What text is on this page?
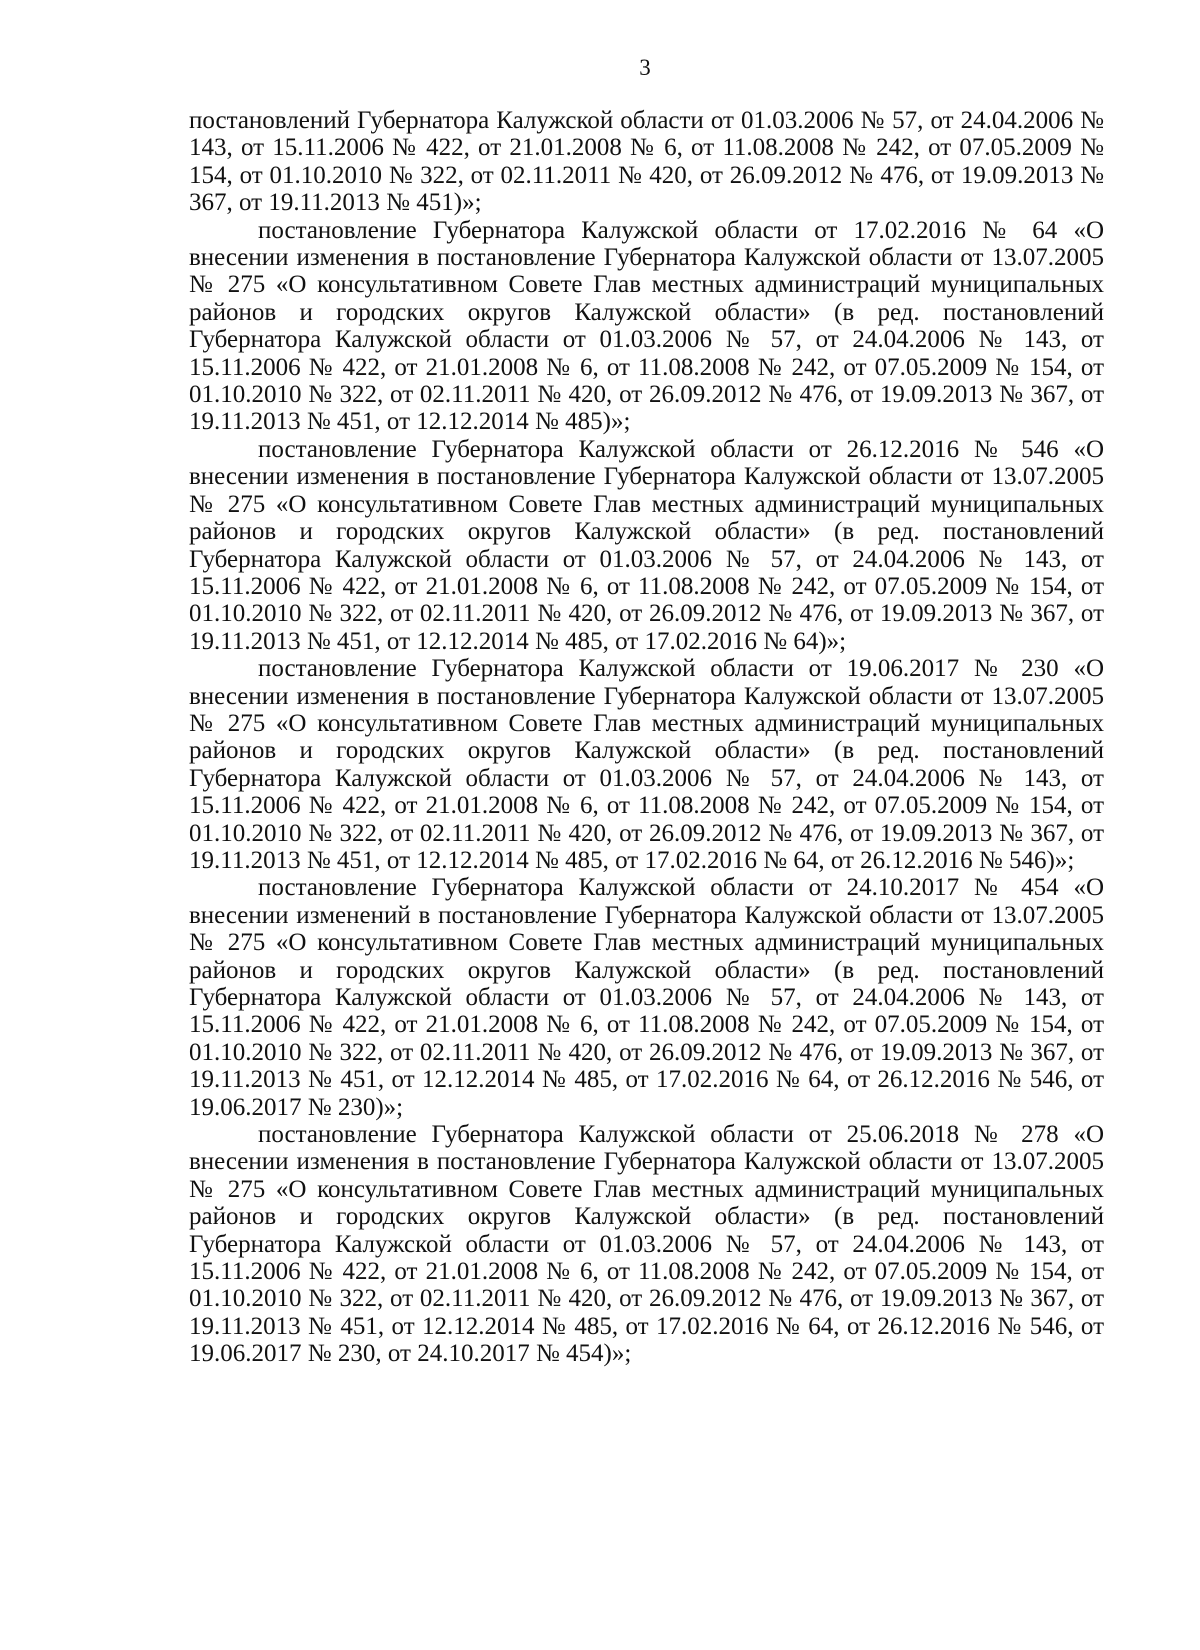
3

постановлений Губернатора Калужской области от 01.03.2006 № 57, от 24.04.2006 № 143, от 15.11.2006 № 422, от 21.01.2008 № 6, от 11.08.2008 № 242, от 07.05.2009 № 154, от 01.10.2010 № 322, от 02.11.2011 № 420, от 26.09.2012 № 476, от 19.09.2013 № 367, от 19.11.2013 № 451)»;

постановление Губернатора Калужской области от 17.02.2016 № 64 «О внесении изменения в постановление Губернатора Калужской области от 13.07.2005 № 275 «О консультативном Совете Глав местных администраций муниципальных районов и городских округов Калужской области» (в ред. постановлений Губернатора Калужской области от 01.03.2006 № 57, от 24.04.2006 № 143, от 15.11.2006 № 422, от 21.01.2008 № 6, от 11.08.2008 № 242, от 07.05.2009 № 154, от 01.10.2010 № 322, от 02.11.2011 № 420, от 26.09.2012 № 476, от 19.09.2013 № 367, от 19.11.2013 № 451, от 12.12.2014 № 485)»;

постановление Губернатора Калужской области от 26.12.2016 № 546 «О внесении изменения в постановление Губернатора Калужской области от 13.07.2005 № 275 «О консультативном Совете Глав местных администраций муниципальных районов и городских округов Калужской области» (в ред. постановлений Губернатора Калужской области от 01.03.2006 № 57, от 24.04.2006 № 143, от 15.11.2006 № 422, от 21.01.2008 № 6, от 11.08.2008 № 242, от 07.05.2009 № 154, от 01.10.2010 № 322, от 02.11.2011 № 420, от 26.09.2012 № 476, от 19.09.2013 № 367, от 19.11.2013 № 451, от 12.12.2014 № 485, от 17.02.2016 № 64)»;

постановление Губернатора Калужской области от 19.06.2017 № 230 «О внесении изменения в постановление Губернатора Калужской области от 13.07.2005 № 275 «О консультативном Совете Глав местных администраций муниципальных районов и городских округов Калужской области» (в ред. постановлений Губернатора Калужской области от 01.03.2006 № 57, от 24.04.2006 № 143, от 15.11.2006 № 422, от 21.01.2008 № 6, от 11.08.2008 № 242, от 07.05.2009 № 154, от 01.10.2010 № 322, от 02.11.2011 № 420, от 26.09.2012 № 476, от 19.09.2013 № 367, от 19.11.2013 № 451, от 12.12.2014 № 485, от 17.02.2016 № 64, от 26.12.2016 № 546)»;

постановление Губернатора Калужской области от 24.10.2017 № 454 «О внесении изменений в постановление Губернатора Калужской области от 13.07.2005 № 275 «О консультативном Совете Глав местных администраций муниципальных районов и городских округов Калужской области» (в ред. постановлений Губернатора Калужской области от 01.03.2006 № 57, от 24.04.2006 № 143, от 15.11.2006 № 422, от 21.01.2008 № 6, от 11.08.2008 № 242, от 07.05.2009 № 154, от 01.10.2010 № 322, от 02.11.2011 № 420, от 26.09.2012 № 476, от 19.09.2013 № 367, от 19.11.2013 № 451, от 12.12.2014 № 485, от 17.02.2016 № 64, от 26.12.2016 № 546, от 19.06.2017 № 230)»;

постановление Губернатора Калужской области от 25.06.2018 № 278 «О внесении изменения в постановление Губернатора Калужской области от 13.07.2005 № 275 «О консультативном Совете Глав местных администраций муниципальных районов и городских округов Калужской области» (в ред. постановлений Губернатора Калужской области от 01.03.2006 № 57, от 24.04.2006 № 143, от 15.11.2006 № 422, от 21.01.2008 № 6, от 11.08.2008 № 242, от 07.05.2009 № 154, от 01.10.2010 № 322, от 02.11.2011 № 420, от 26.09.2012 № 476, от 19.09.2013 № 367, от 19.11.2013 № 451, от 12.12.2014 № 485, от 17.02.2016 № 64, от 26.12.2016 № 546, от 19.06.2017 № 230, от 24.10.2017 № 454)»;
